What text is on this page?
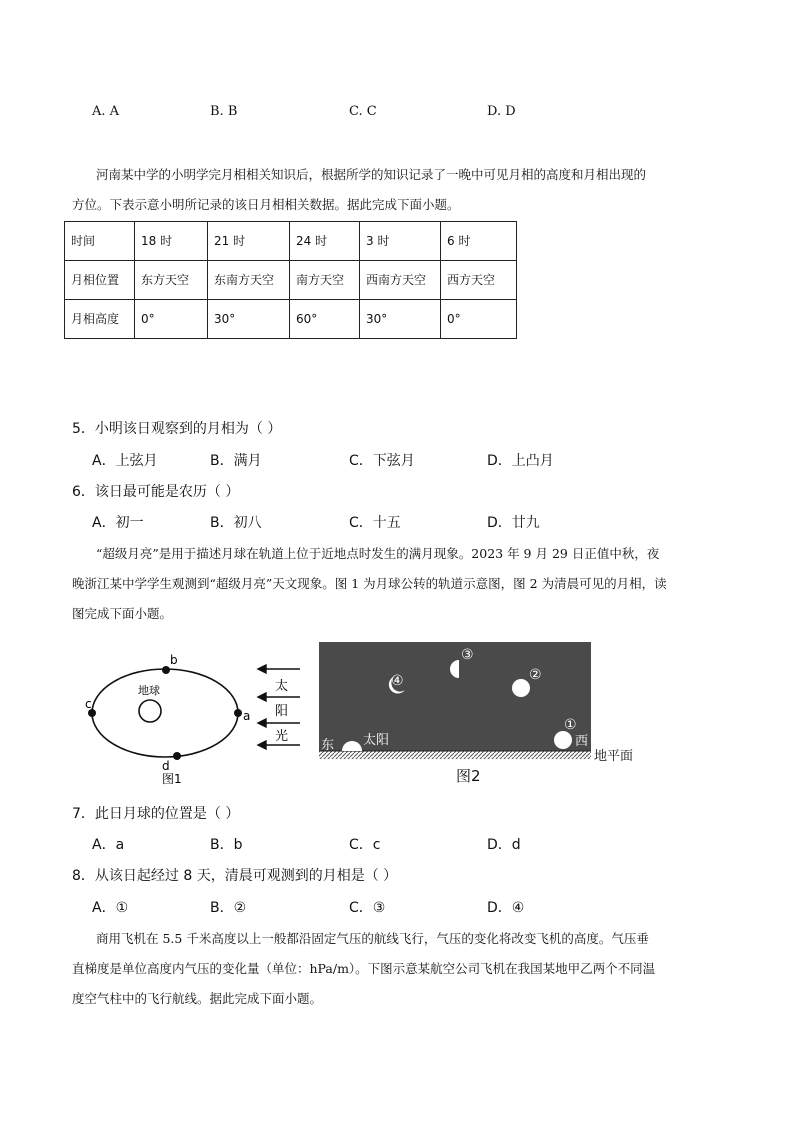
A. A	B. B	C. C	D. D
河南某中学的小明学完月相相关知识后，根据所学的知识记录了一晚中可见月相的高度和月相出现的
方位。下表示意小明所记录的该日月相相关数据。据此完成下面小题。
时间	18 时	21 时	24 时	3 时	6 时
月相位置	东方天空	东南方天空	南方天空	西南方天空	西方天空
月相高度	0°	30°	60°	30°	0°
5．小明该日观察到的月相为（ ）
A．上弦月	B．满月	C．下弦月	D．上凸月
6．该日最可能是农历（ ）
A．初一	B．初八	C．十五	D．廿九
“超级月亮”是用于描述月球在轨道上位于近地点时发生的满月现象。2023 年 9 月 29 日正值中秋，夜
晚浙江某中学学生观测到“超级月亮”天文现象。图 1 为月球公转的轨道示意图，图 2 为清晨可见的月相，读
图完成下面小题。
地球
b
a
c
d
图1
太
阳
光	太阳
东
①
西
②
③
④
地平面
图2
7．此日月球的位置是（ ）
A．a	B．b	C．c	D．d
8．从该日起经过 8 天，清晨可观测到的月相是（ ）
A．①	B．②	C．③	D．④
商用飞机在 5.5 千米高度以上一般都沿固定气压的航线飞行，气压的变化将改变飞机的高度。气压垂
直梯度是单位高度内气压的变化量（单位：hPa/m）。下图示意某航空公司飞机在我国某地甲乙两个不同温
度空气柱中的飞行航线。据此完成下面小题。
